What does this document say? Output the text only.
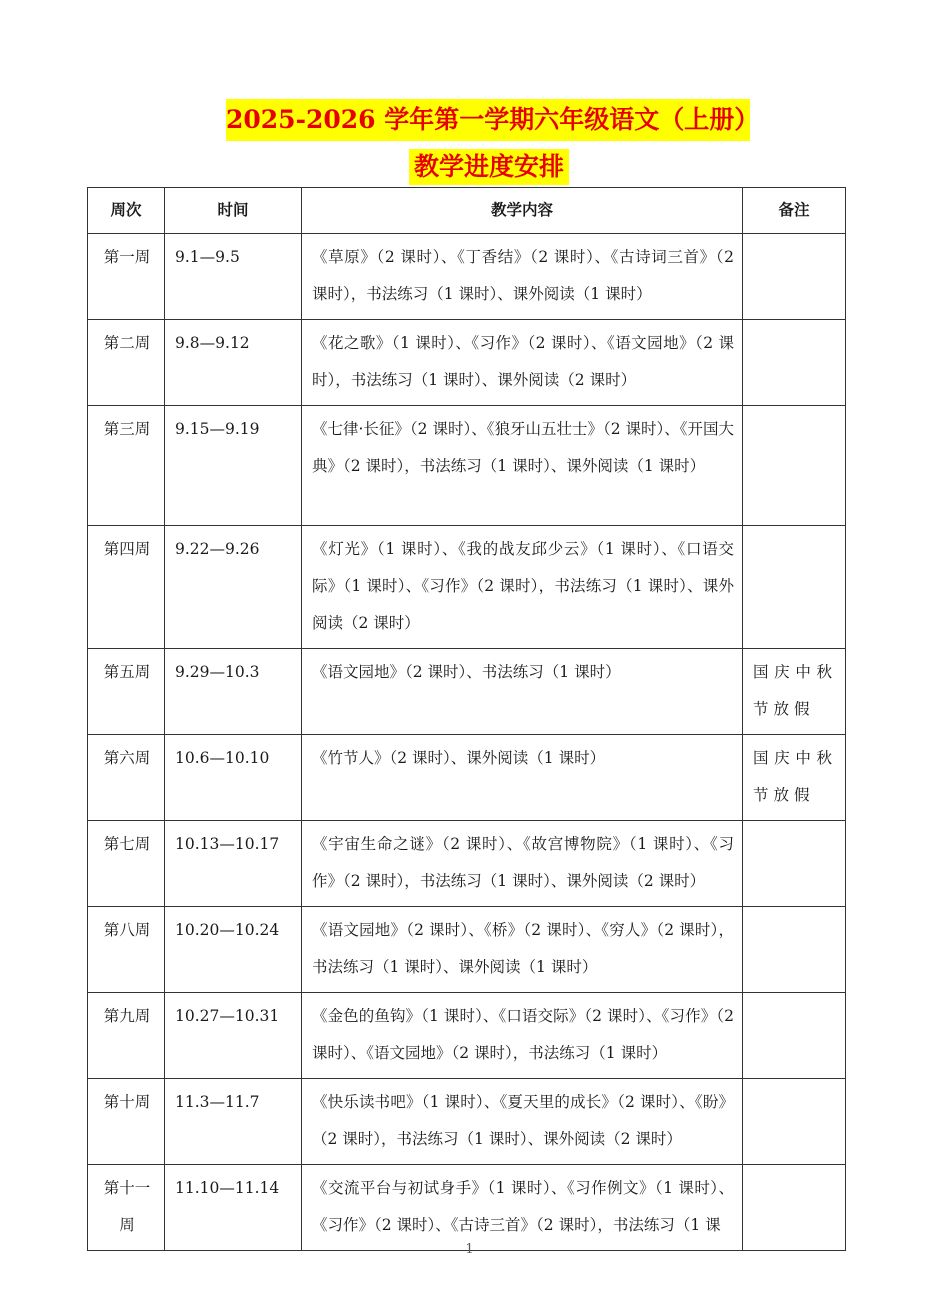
2025-2026 学年第一学期六年级语文（上册）
教学进度安排
周次	时间	教学内容	备注
第一周	9.1—9.5	《草原》（2 课时）、《丁香结》（2 课时）、《古诗词三首》（2 课时），书法练习（1 课时）、课外阅读（1 课时）	
第二周	9.8—9.12	《花之歌》（1 课时）、《习作》（2 课时）、《语文园地》（2 课时），书法练习（1 课时）、课外阅读（2 课时）	
第三周	9.15—9.19	《七律·长征》（2 课时）、《狼牙山五壮士》（2 课时）、《开国大典》（2 课时），书法练习（1 课时）、课外阅读（1 课时）	
第四周	9.22—9.26	《灯光》（1 课时）、《我的战友邱少云》（1 课时）、《口语交际》（1 课时）、《习作》（2 课时），书法练习（1 课时）、课外阅读（2 课时）	
第五周	9.29—10.3	《语文园地》（2 课时）、书法练习（1 课时）	国庆中秋节放假
第六周	10.6—10.10	《竹节人》（2 课时）、课外阅读（1 课时）	国庆中秋节放假
第七周	10.13—10.17	《宇宙生命之谜》（2 课时）、《故宫博物院》（1 课时）、《习作》（2 课时），书法练习（1 课时）、课外阅读（2 课时）	
第八周	10.20—10.24	《语文园地》（2 课时）、《桥》（2 课时）、《穷人》（2 课时），书法练习（1 课时）、课外阅读（1 课时）	
第九周	10.27—10.31	《金色的鱼钩》（1 课时）、《口语交际》（2 课时）、《习作》（2 课时）、《语文园地》（2 课时），书法练习（1 课时）	
第十周	11.3—11.7	《快乐读书吧》（1 课时）、《夏天里的成长》（2 课时）、《盼》（2 课时），书法练习（1 课时）、课外阅读（2 课时）	
第十一周	11.10—11.14	《交流平台与初试身手》（1 课时）、《习作例文》（1 课时）、《习作》（2 课时）、《古诗三首》（2 课时），书法练习（1 课	
1
